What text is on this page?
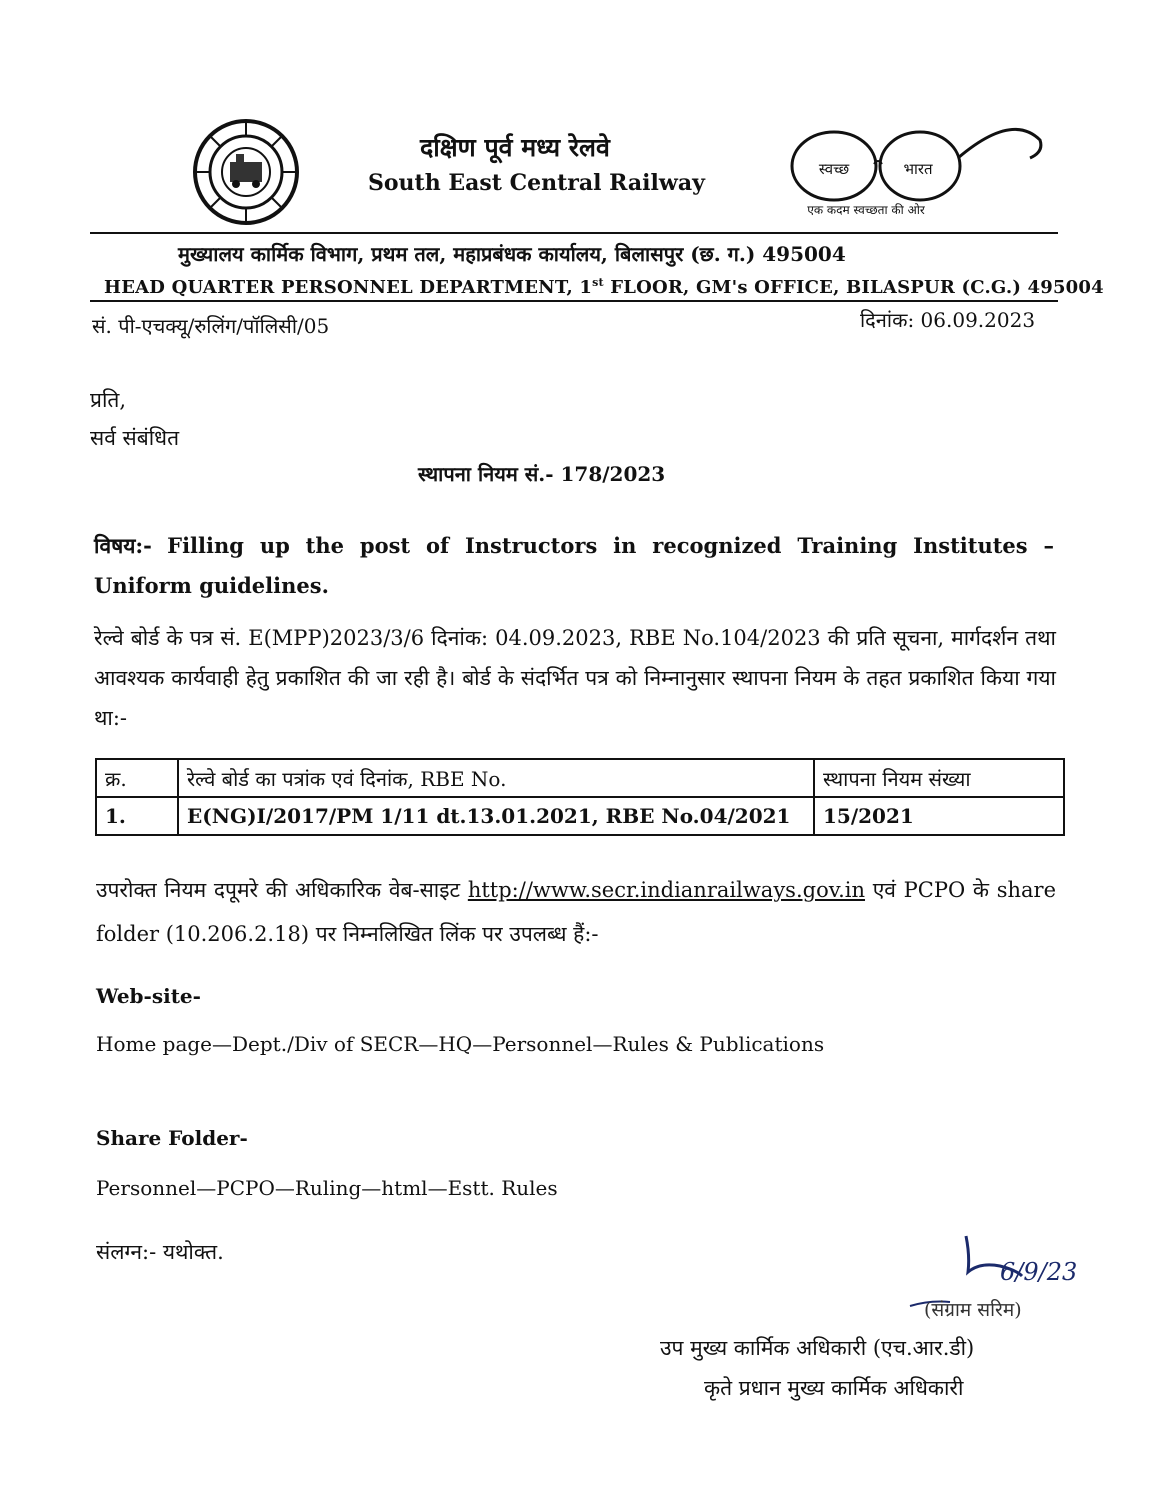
दक्षिण पूर्व मध्य रेलवे
South East Central Railway
स्वच्छ	भारत
एक कदम स्वच्छता की ओर
मुख्यालय कार्मिक विभाग, प्रथम तल, महाप्रबंधक कार्यालय, बिलासपुर (छ. ग.) 495004
HEAD QUARTER PERSONNEL DEPARTMENT, 1st FLOOR, GM's OFFICE, BILASPUR (C.G.) 495004
सं. पी-एचक्यू/रुलिंग/पॉलिसी/05	दिनांक: 06.09.2023
प्रति,
सर्व संबंधित
स्थापना नियम सं.- 178/2023
विषय:- Filling up the post of Instructors in recognized Training Institutes – Uniform guidelines.
रेल्वे बोर्ड के पत्र सं. E(MPP)2023/3/6 दिनांक: 04.09.2023, RBE No.104/2023 की प्रति सूचना, मार्गदर्शन तथा आवश्यक कार्यवाही हेतु प्रकाशित की जा रही है। बोर्ड के संदर्भित पत्र को निम्नानुसार स्थापना नियम के तहत प्रकाशित किया गया था:-
क्र.	रेल्वे बोर्ड का पत्रांक एवं दिनांक, RBE No.	स्थापना नियम संख्या
1.	E(NG)I/2017/PM 1/11 dt.13.01.2021, RBE No.04/2021	15/2021
उपरोक्त नियम दपूमरे की अधिकारिक वेब-साइट http://www.secr.indianrailways.gov.in एवं PCPO के share folder (10.206.2.18) पर निम्नलिखित लिंक पर उपलब्ध हैं:-
Web-site-
Home page—Dept./Div of SECR—HQ—Personnel—Rules & Publications
Share Folder-
Personnel—PCPO—Ruling—html—Estt. Rules
संलग्न:- यथोक्त.
6/9/23
(संग्राम सरिम)
उप मुख्य कार्मिक अधिकारी (एच.आर.डी)
कृते प्रधान मुख्य कार्मिक अधिकारी
